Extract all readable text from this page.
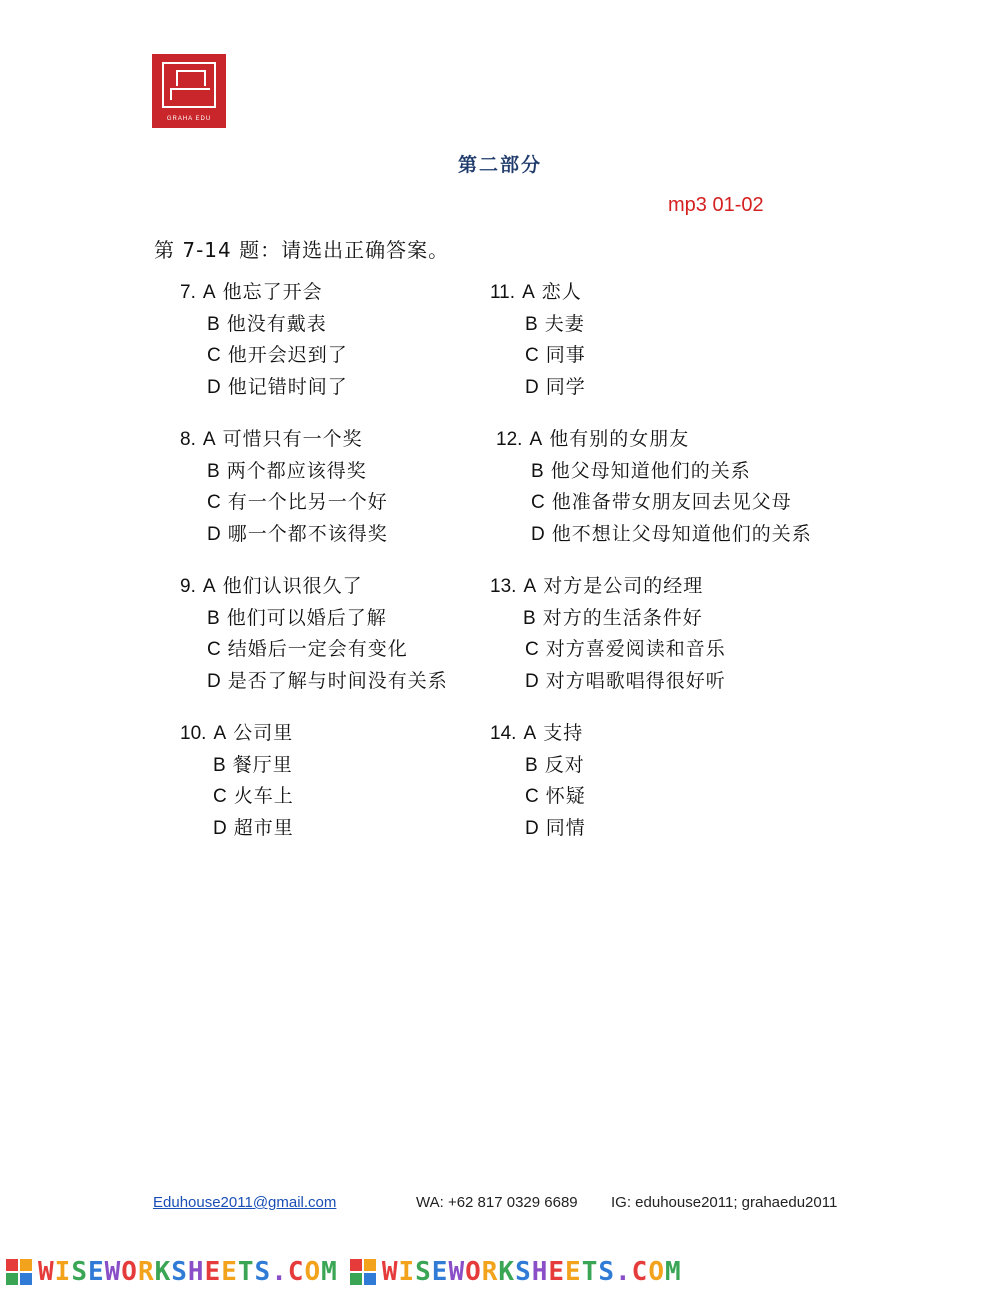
GRAHA EDU
第二部分
mp3 01-02
第 7-14 题：请选出正确答案。
7. A 他忘了开会
B 他没有戴表
C 他开会迟到了
D 他记错时间了
8. A 可惜只有一个奖
B 两个都应该得奖
C 有一个比另一个好
D 哪一个都不该得奖
9. A 他们认识很久了
B 他们可以婚后了解
C 结婚后一定会有变化
D 是否了解与时间没有关系
10. A 公司里
B 餐厅里
C 火车上
D 超市里
11. A 恋人
B 夫妻
C 同事
D 同学
12. A 他有别的女朋友
B 他父母知道他们的关系
C 他准备带女朋友回去见父母
D 他不想让父母知道他们的关系
13. A 对方是公司的经理
B 对方的生活条件好
C 对方喜爱阅读和音乐
D 对方唱歌唱得很好听
14. A 支持
B 反对
C 怀疑
D 同情
Eduhouse2011@gmail.com	WA: +62 817 0329 6689 IG: eduhouse2011; grahaedu2011
WISEWORKSHEETS.COM WISEWORKSHEETS.COM
